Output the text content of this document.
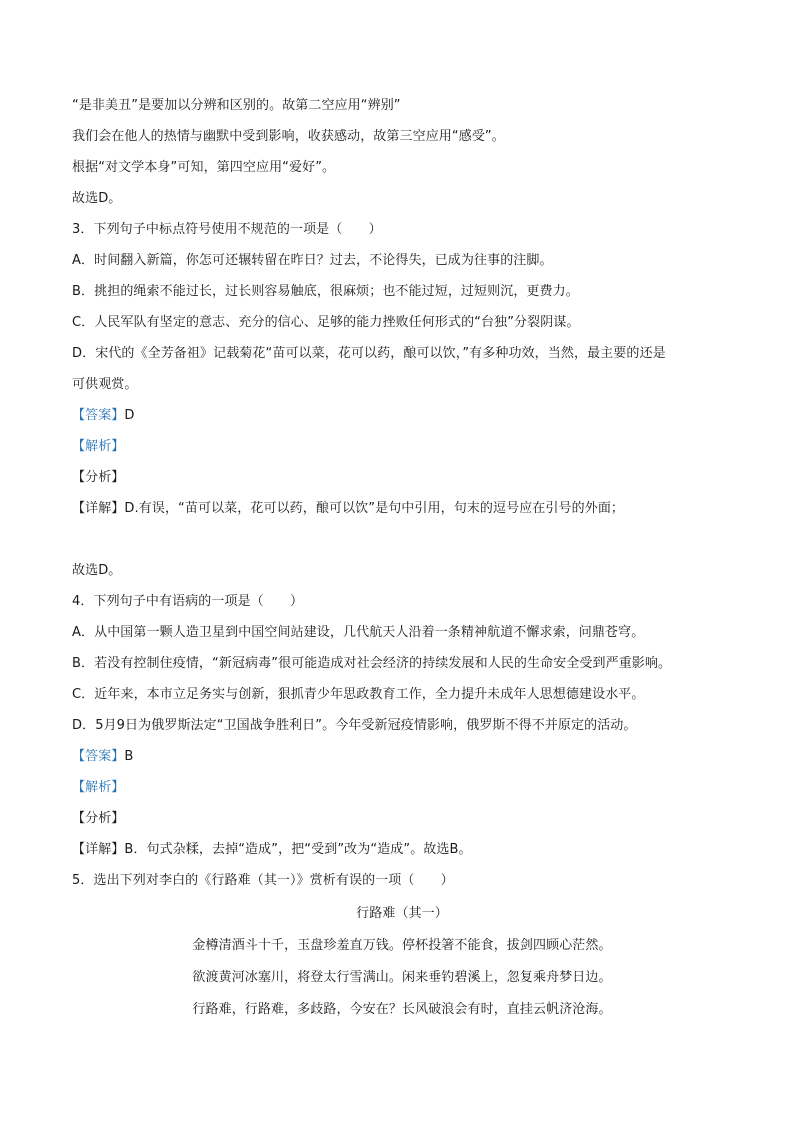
“是非美丑”是要加以分辨和区别的。故第二空应用“辨别”
我们会在他人的热情与幽默中受到影响，收获感动，故第三空应用“感受”。
根据“对文学本身”可知，第四空应用“爱好”。
故选D。
3．下列句子中标点符号使用不规范的一项是（　　）
A．时间翻入新篇，你怎可还辗转留在昨日？过去，不论得失，已成为往事的注脚。
B．挑担的绳索不能过长，过长则容易触底，很麻烦；也不能过短，过短则沉，更费力。
C．人民军队有坚定的意志、充分的信心、足够的能力挫败任何形式的“台独”分裂阴谋。
D．宋代的《全芳备祖》记载菊花“苗可以菜，花可以药，酿可以饮，”有多种功效，当然，最主要的还是
可供观赏。
【答案】D
【解析】
【分析】
【详解】D.有误，“苗可以菜，花可以药，酿可以饮”是句中引用，句末的逗号应在引号的外面；
故选D。
4．下列句子中有语病的一项是（　　）
A．从中国第一颗人造卫星到中国空间站建设，几代航天人沿着一条精神航道不懈求索，问鼎苍穹。
B．若没有控制住疫情，“新冠病毒”很可能造成对社会经济的持续发展和人民的生命安全受到严重影响。
C．近年来，本市立足务实与创新，狠抓青少年思政教育工作，全力提升未成年人思想德建设水平。
D．5月9日为俄罗斯法定“卫国战争胜利日”。今年受新冠疫情影响，俄罗斯不得不并原定的活动。
【答案】B
【解析】
【分析】
【详解】B．句式杂糅，去掉“造成”，把“受到”改为“造成”。故选B。
5．选出下列对李白的《行路难（其一）》赏析有误的一项（　　）
行路难（其一）
金樽清酒斗十千，玉盘珍羞直万钱。停杯投箸不能食，拔剑四顾心茫然。
欲渡黄河冰塞川，将登太行雪满山。闲来垂钓碧溪上，忽复乘舟梦日边。
行路难，行路难，多歧路，今安在？长风破浪会有时，直挂云帆济沧海。
